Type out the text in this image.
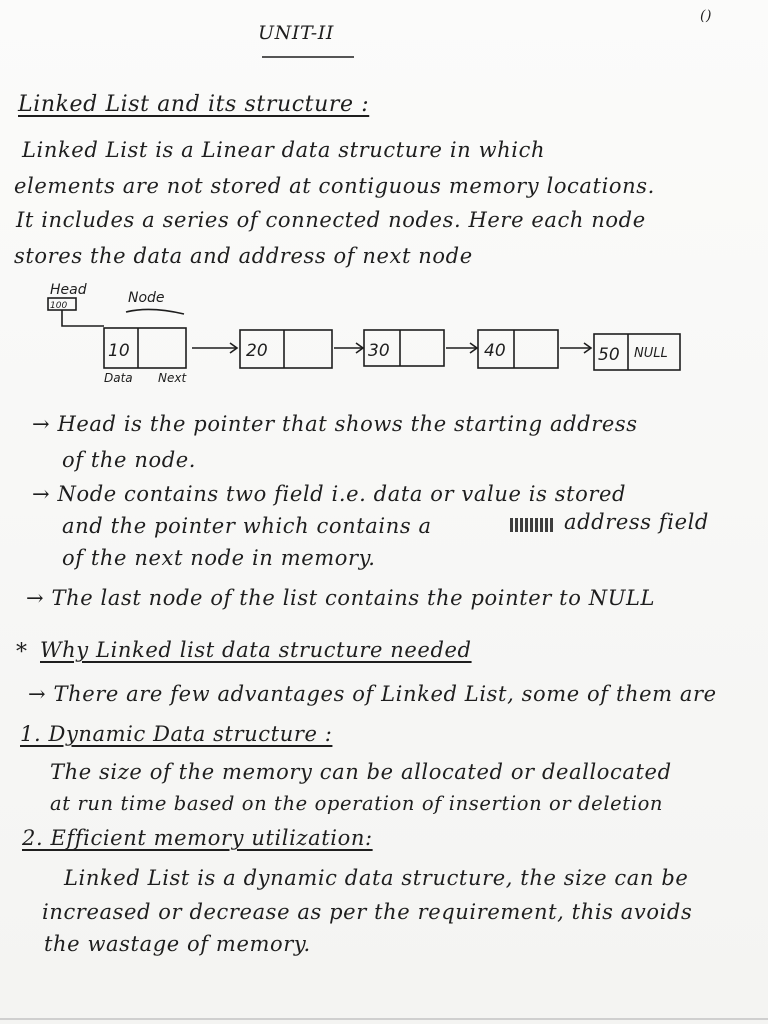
UNIT-II
()
Linked List and its structure :
Linked List is a Linear data structure in which
elements are not stored at contiguous memory locations.
It includes a series of connected nodes. Here each node
stores the data and address of next node
Head
100	Node
10	20	30	40	50 NULL
Data Next
→ Head is the pointer that shows the starting address
of the node.
→ Node contains two field i.e. data or value is stored
and the pointer which contains a	address field
of the next node in memory.
→ The last node of the list contains the pointer to NULL
* Why Linked list data structure needed
→ There are few advantages of Linked List, some of them are
1. Dynamic Data structure :
The size of the memory can be allocated or deallocated
at run time based on the operation of insertion or deletion
2. Efficient memory utilization:
Linked List is a dynamic data structure, the size can be
increased or decrease as per the requirement, this avoids
the wastage of memory.
